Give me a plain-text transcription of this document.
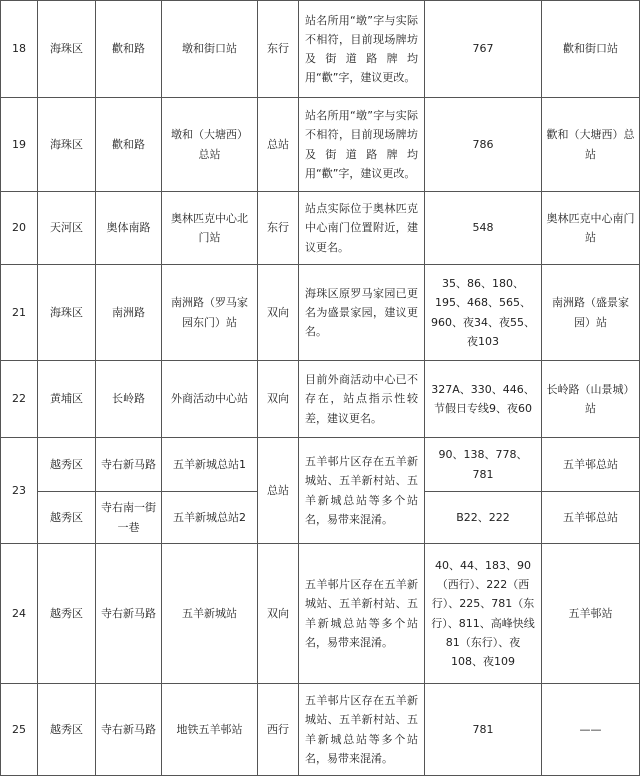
18	海珠区	歡和路	墩和街口站	东行	站名所用“墩”字与实际不相符，目前现场牌坊及街道路牌均用“歡”字，建议更改。	767	歡和街口站
19	海珠区	歡和路	墩和（大塘西）总站	总站	站名所用“墩”字与实际不相符，目前现场牌坊及街道路牌均用“歡”字，建议更改。	786	歡和（大塘西）总站
20	天河区	奥体南路	奥林匹克中心北门站	东行	站点实际位于奥林匹克中心南门位置附近，建议更名。	548	奥林匹克中心南门站
21	海珠区	南洲路	南洲路（罗马家园东门）站	双向	海珠区原罗马家园已更名为盛景家园，建议更名。	35、86、180、195、468、565、960、夜34、夜55、夜103	南洲路（盛景家园）站
22	黄埔区	长岭路	外商活动中心站	双向	目前外商活动中心已不存在，站点指示性较差，建议更名。	327A、330、446、节假日专线9、夜60	长岭路（山景城）站
23	越秀区	寺右新马路	五羊新城总站1	总站	五羊邨片区存在五羊新城站、五羊新村站、五羊新城总站等多个站名，易带来混淆。	90、138、778、781	五羊邨总站
	越秀区	寺右南一街一巷	五羊新城总站2			B22、222	五羊邨总站
24	越秀区	寺右新马路	五羊新城站	双向	五羊邨片区存在五羊新城站、五羊新村站、五羊新城总站等多个站名，易带来混淆。	40、44、183、90（西行）、222（西行）、225、781（东行）、811、高峰快线81（东行）、夜108、夜109	五羊邨站
25	越秀区	寺右新马路	地铁五羊邨站	西行	五羊邨片区存在五羊新城站、五羊新村站、五羊新城总站等多个站名，易带来混淆。	781	——
